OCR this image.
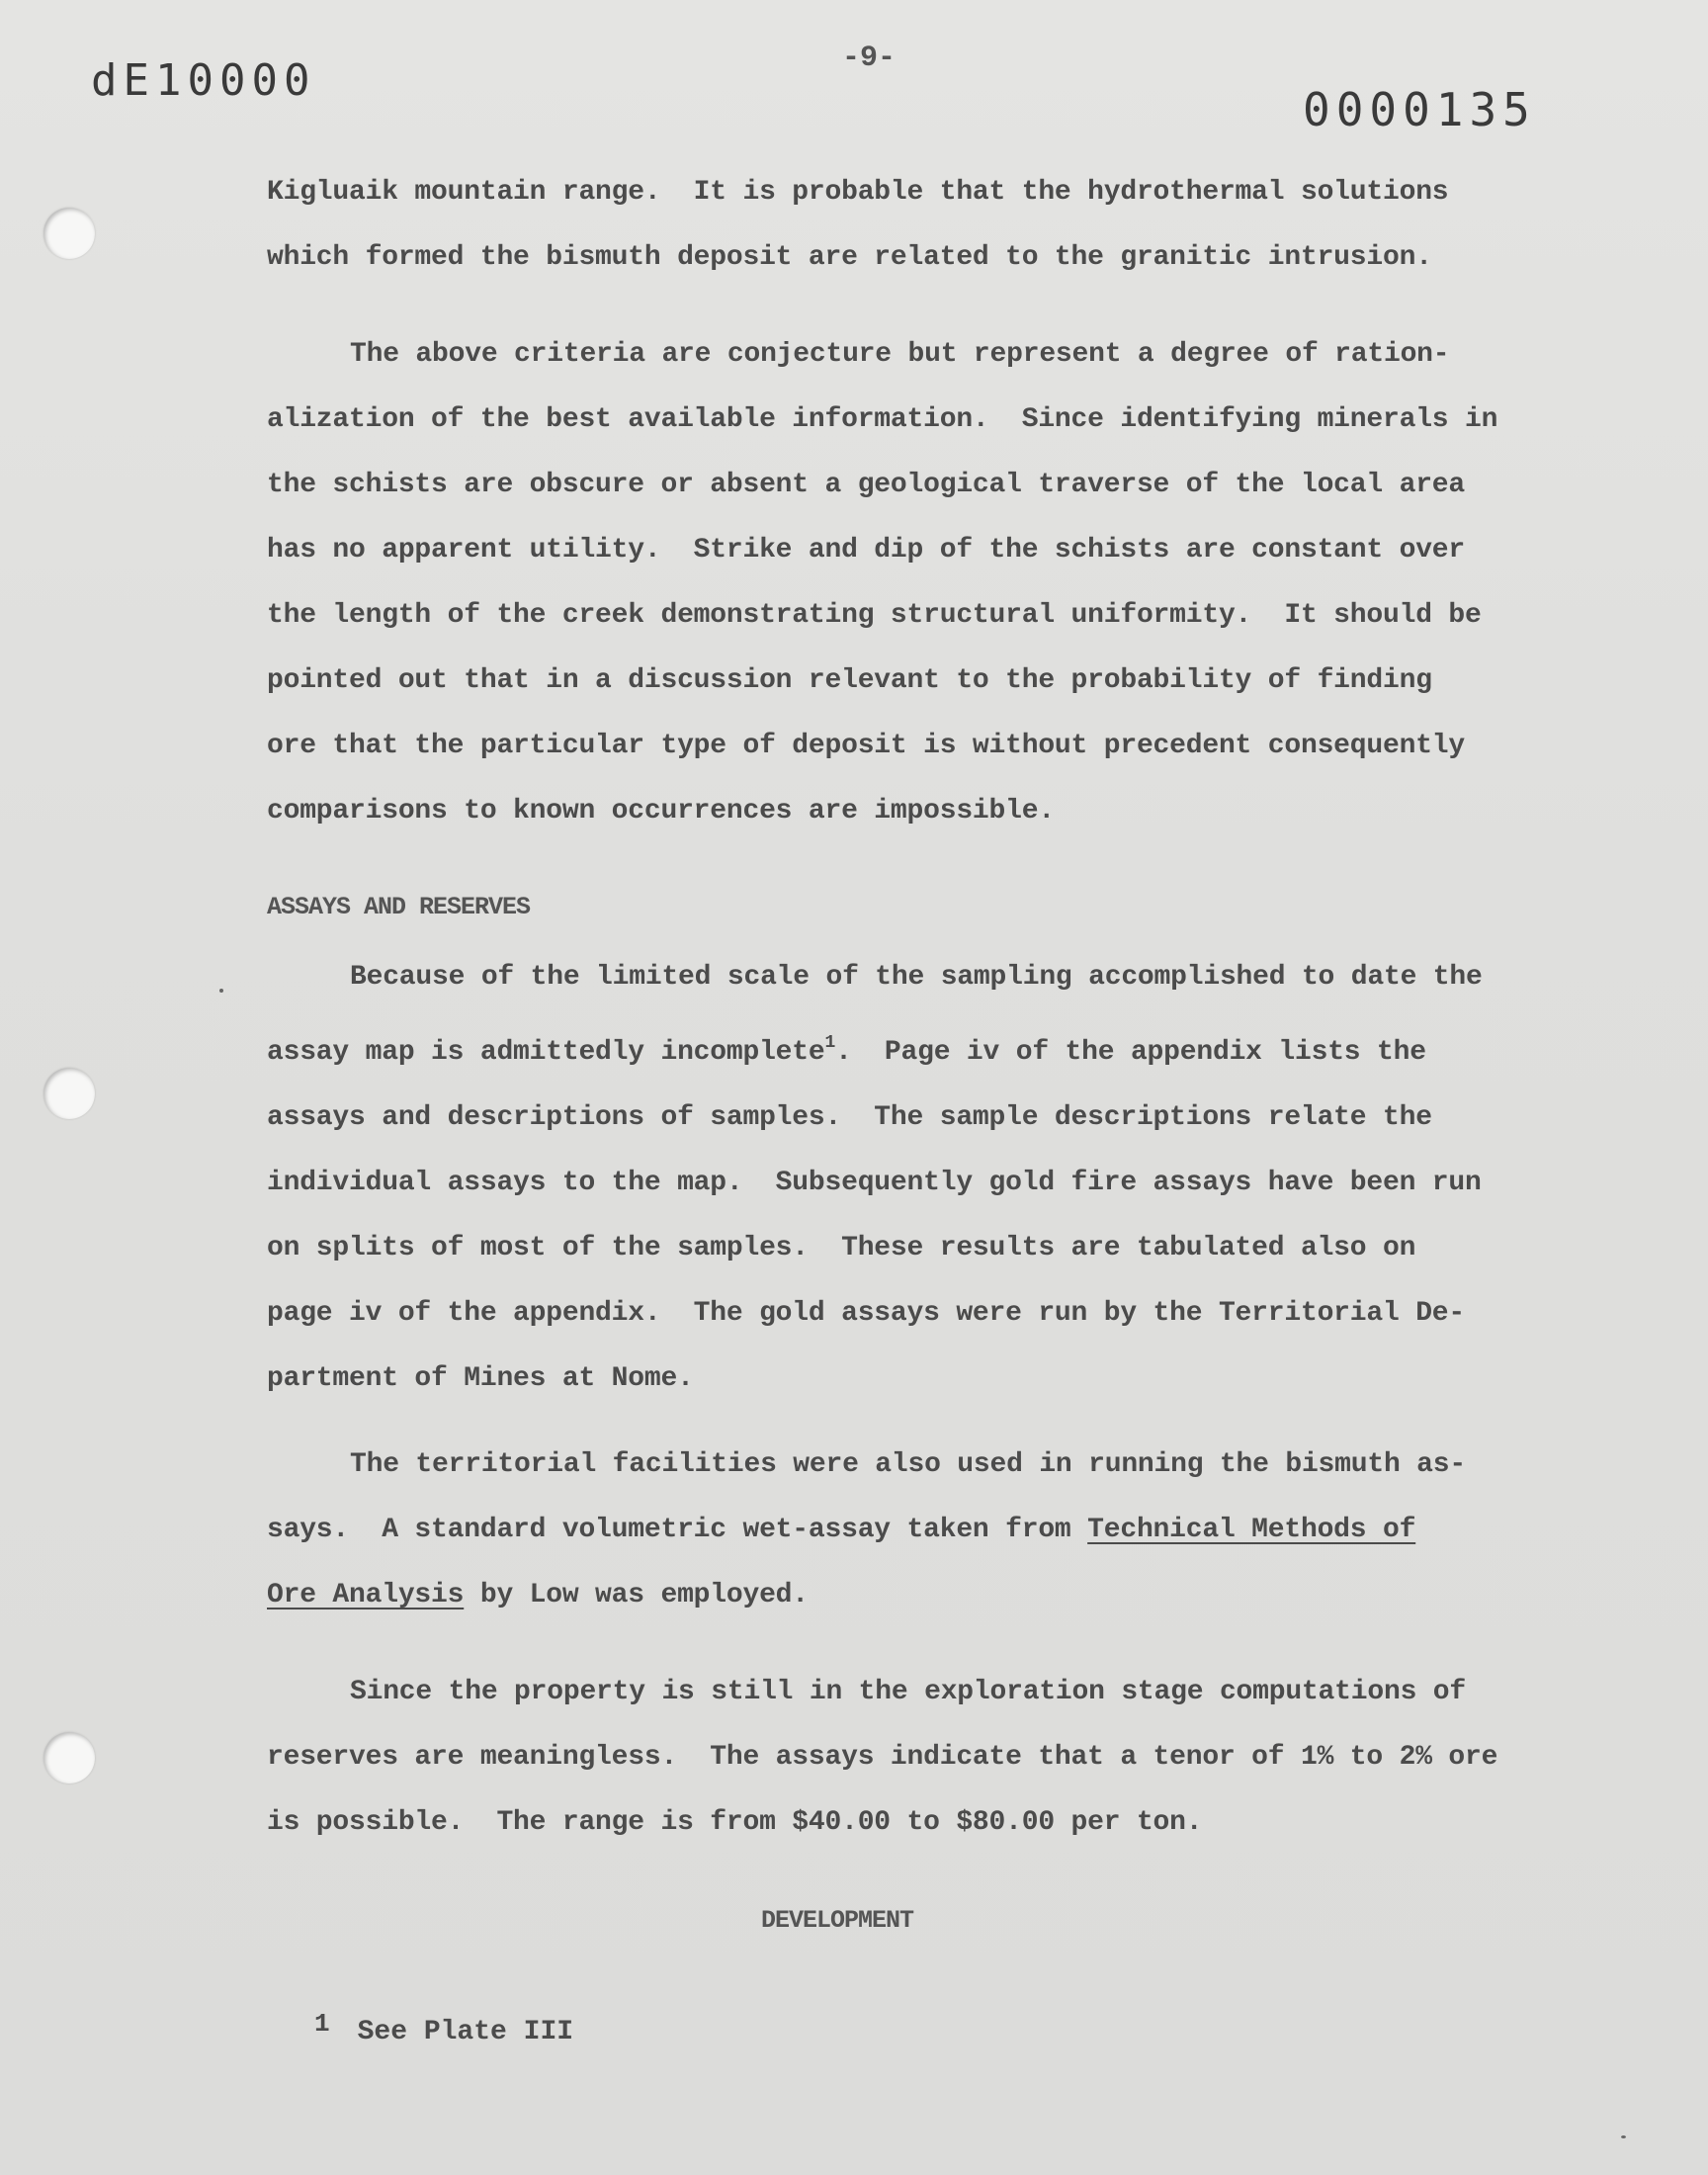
dE10000
0000135
-9-

Kigluaik mountain range.  It is probable that the hydrothermal solutions

which formed the bismuth deposit are related to the granitic intrusion.

The above criteria are conjecture but represent a degree of ration-

alization of the best available information.  Since identifying minerals in

the schists are obscure or absent a geological traverse of the local area

has no apparent utility.  Strike and dip of the schists are constant over

the length of the creek demonstrating structural uniformity.  It should be

pointed out that in a discussion relevant to the probability of finding

ore that the particular type of deposit is without precedent consequently

comparisons to known occurrences are impossible.

ASSAYS AND RESERVES

Because of the limited scale of the sampling accomplished to date the

assay map is admittedly incomplete$^1$.  Page iv of the appendix lists the

assays and descriptions of samples.  The sample descriptions relate the

individual assays to the map.  Subsequently gold fire assays have been run

on splits of most of the samples.  These results are tabulated also on

page iv of the appendix.  The gold assays were run by the Territorial De-

partment of Mines at Nome.

The territorial facilities were also used in running the bismuth as-

says.  A standard volumetric wet-assay taken from Technical Methods of

Ore Analysis by Low was employed.

Since the property is still in the exploration stage computations of

reserves are meaningless.  The assays indicate that a tenor of 1% to 2% ore

is possible.  The range is from $40.00 to $80.00 per ton.

DEVELOPMENT
1 See Plate III
